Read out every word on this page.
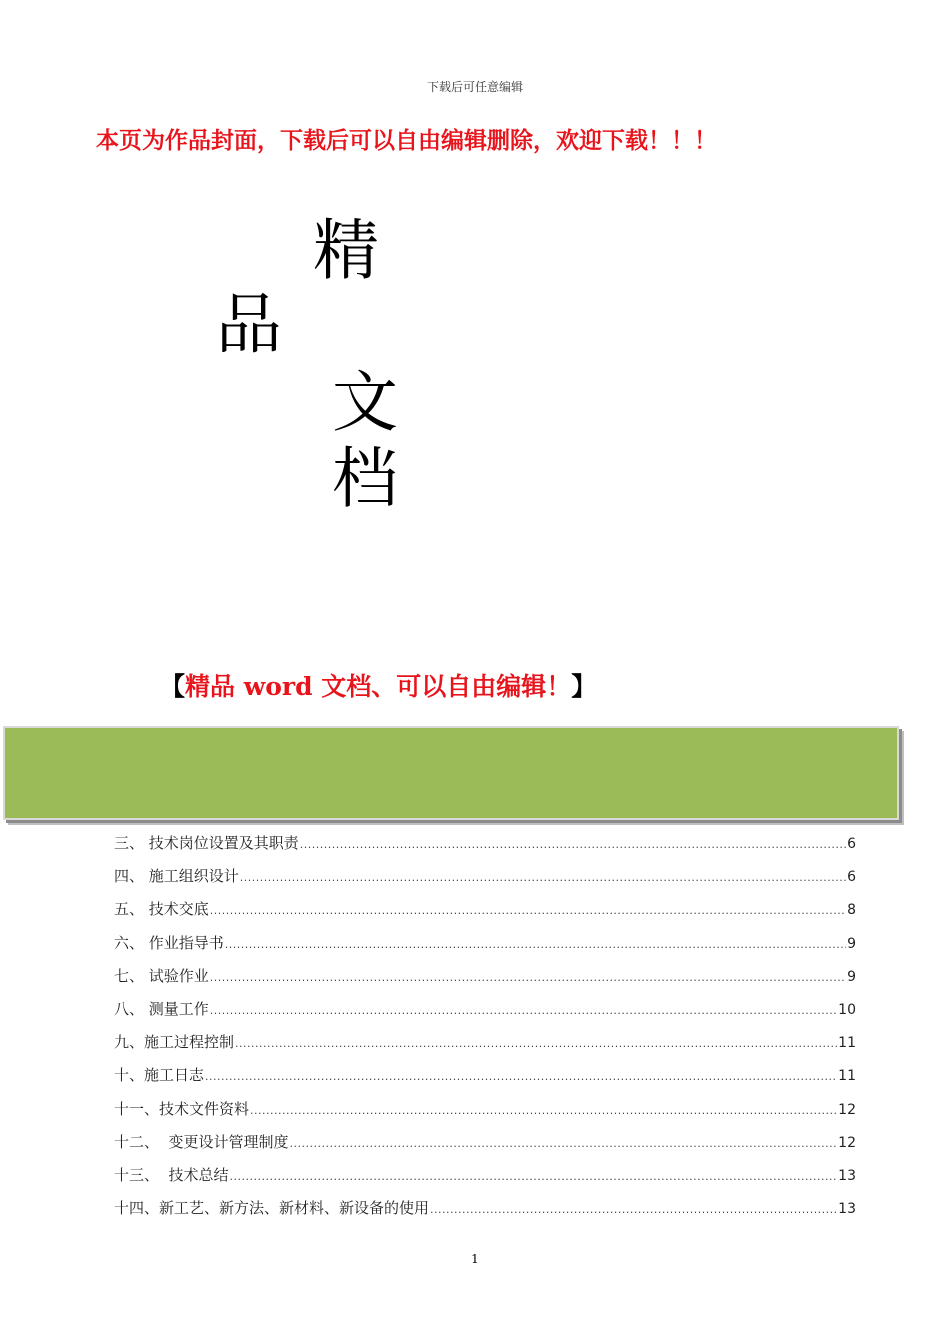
下载后可任意编辑
本页为作品封面，下载后可以自由编辑删除，欢迎下载！！！
精
品
文
档
【精品 word 文档、可以自由编辑！】
三、 技术岗位设置及其职责 .....	6
四、 施工组织设计 .....	6
五、 技术交底 .....	8
六、 作业指导书 .....	9
七、 试验作业 .....	9
八、 测量工作 .....	10
九、施工过程控制 .....	11
十、施工日志 .....	11
十一、技术文件资料 .....	12
十二、  变更设计管理制度 .....	12
十三、  技术总结 .....	13
十四、新工艺、新方法、新材料、新设备的使用 .....	13
1
